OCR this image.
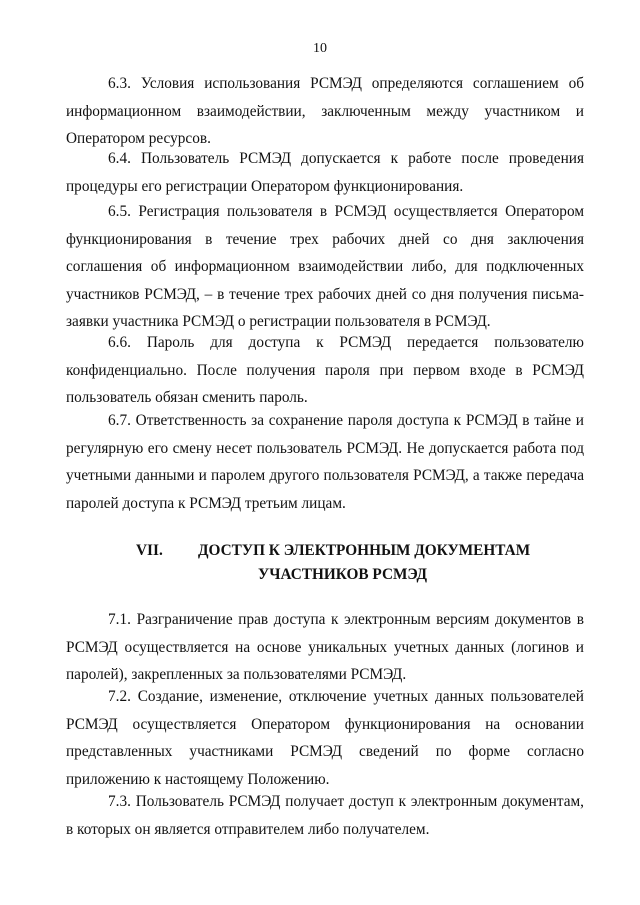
10

6.3. Условия использования РСМЭД определяются соглашением об информационном взаимодействии, заключенным между участником и Оператором ресурсов.

6.4. Пользователь РСМЭД допускается к работе после проведения процедуры его регистрации Оператором функционирования.

6.5. Регистрация пользователя в РСМЭД осуществляется Оператором функционирования в течение трех рабочих дней со дня заключения соглашения об информационном взаимодействии либо, для подключенных участников РСМЭД, – в течение трех рабочих дней со дня получения письма-заявки участника РСМЭД о регистрации пользователя в РСМЭД.

6.6. Пароль для доступа к РСМЭД передается пользователю конфиденциально. После получения пароля при первом входе в РСМЭД пользователь обязан сменить пароль.

6.7. Ответственность за сохранение пароля доступа к РСМЭД в тайне и регулярную его смену несет пользователь РСМЭД. Не допускается работа под учетными данными и паролем другого пользователя РСМЭД, а также передача паролей доступа к РСМЭД третьим лицам.

VII. ДОСТУП К ЭЛЕКТРОННЫМ ДОКУМЕНТАМ
УЧАСТНИКОВ РСМЭД

7.1. Разграничение прав доступа к электронным версиям документов в РСМЭД осуществляется на основе уникальных учетных данных (логинов и паролей), закрепленных за пользователями РСМЭД.

7.2. Создание, изменение, отключение учетных данных пользователей РСМЭД осуществляется Оператором функционирования на основании представленных участниками РСМЭД сведений по форме согласно приложению к настоящему Положению.

7.3. Пользователь РСМЭД получает доступ к электронным документам, в которых он является отправителем либо получателем.
